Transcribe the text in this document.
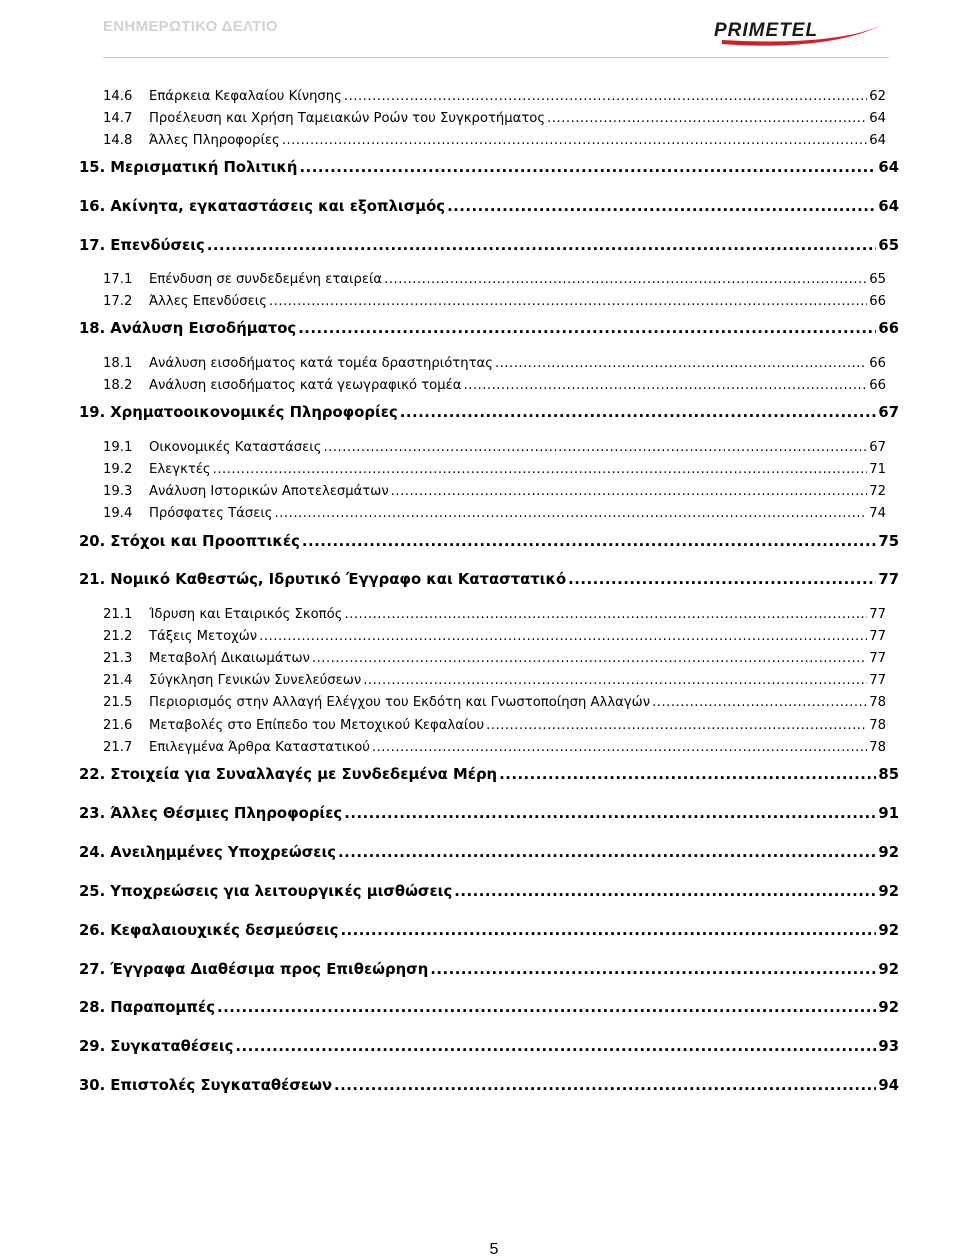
ΕΝΗΜΕΡΩΤΙΚΟ ΔΕΛΤΙΟ	PRIMETEL
14.6	Επάρκεια Κεφαλαίου Κίνησης .....	62
14.7	Προέλευση και Χρήση Ταμειακών Ροών του Συγκροτήματος .....	64
14.8	Άλλες Πληροφορίες .....	64
15. Μερισματική Πολιτική .....	64
16. Ακίνητα, εγκαταστάσεις και εξοπλισμός .....	64
17. Επενδύσεις .....	65
17.1	Επένδυση σε συνδεδεμένη εταιρεία .....	65
17.2	Άλλες Επενδύσεις .....	66
18. Ανάλυση Εισοδήματος .....	66
18.1	Ανάλυση εισοδήματος κατά τομέα δραστηριότητας .....	66
18.2	Ανάλυση εισοδήματος κατά γεωγραφικό τομέα .....	66
19. Χρηματοοικονομικές Πληροφορίες .....	67
19.1	Οικονομικές Καταστάσεις .....	67
19.2	Ελεγκτές .....	71
19.3	Ανάλυση Ιστορικών Αποτελεσμάτων .....	72
19.4	Πρόσφατες Τάσεις .....	74
20. Στόχοι και Προοπτικές .....	75
21. Νομικό Καθεστώς, Ιδρυτικό Έγγραφο και Καταστατικό .....	77
21.1	Ίδρυση και Εταιρικός Σκοπός .....	77
21.2	Τάξεις Μετοχών .....	77
21.3	Μεταβολή Δικαιωμάτων .....	77
21.4	Σύγκληση Γενικών Συνελεύσεων .....	77
21.5	Περιορισμός στην Αλλαγή Ελέγχου του Εκδότη και Γνωστοποίηση Αλλαγών .....	78
21.6	Μεταβολές στο Επίπεδο του Μετοχικού Κεφαλαίου .....	78
21.7	Επιλεγμένα Άρθρα Καταστατικού .....	78
22. Στοιχεία για Συναλλαγές με Συνδεδεμένα Μέρη .....	85
23. Άλλες Θέσμιες Πληροφορίες .....	91
24. Ανειλημμένες Υποχρεώσεις .....	92
25. Υποχρεώσεις για λειτουργικές μισθώσεις .....	92
26. Κεφαλαιουχικές δεσμεύσεις .....	92
27. Έγγραφα Διαθέσιμα προς Επιθεώρηση .....	92
28. Παραπομπές .....	92
29. Συγκαταθέσεις .....	93
30. Επιστολές Συγκαταθέσεων .....	94
5
